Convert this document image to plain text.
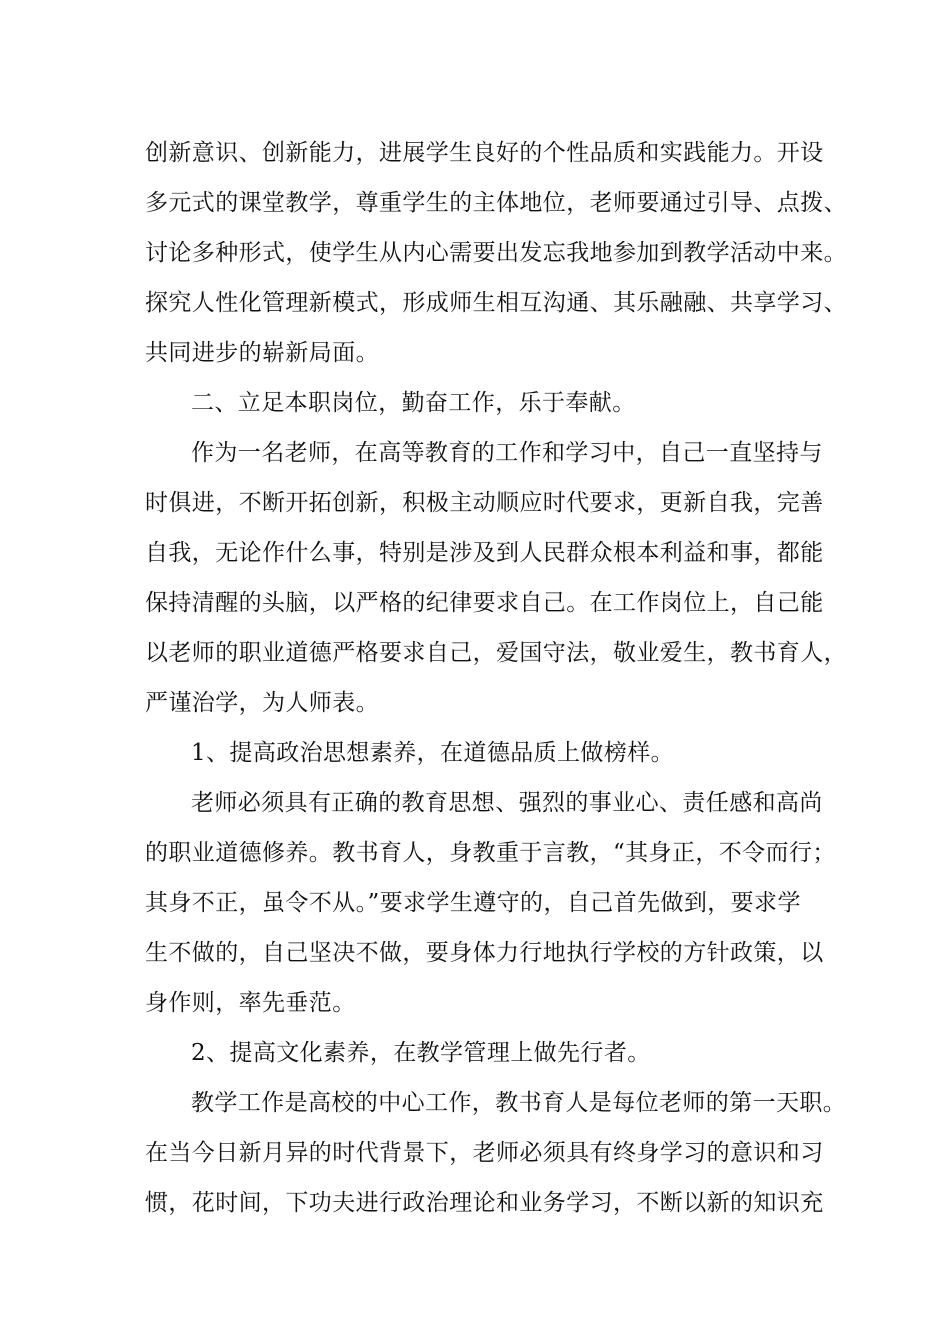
创新意识、创新能力，进展学生良好的个性品质和实践能力。开设
多元式的课堂教学，尊重学生的主体地位，老师要通过引导、点拨、
讨论多种形式，使学生从内心需要出发忘我地参加到教学活动中来。
探究人性化管理新模式，形成师生相互沟通、其乐融融、共享学习、
共同进步的崭新局面。
二、立足本职岗位，勤奋工作，乐于奉献。
作为一名老师，在高等教育的工作和学习中，自己一直坚持与
时俱进，不断开拓创新，积极主动顺应时代要求，更新自我，完善
自我，无论作什么事，特别是涉及到人民群众根本利益和事，都能
保持清醒的头脑，以严格的纪律要求自己。在工作岗位上，自己能
以老师的职业道德严格要求自己，爱国守法，敬业爱生，教书育人，
严谨治学，为人师表。
1、提高政治思想素养，在道德品质上做榜样。
老师必须具有正确的教育思想、强烈的事业心、责任感和高尚
的职业道德修养。教书育人，身教重于言教，“其身正，不令而行；
其身不正，虽令不从。”要求学生遵守的，自己首先做到，要求学
生不做的，自己坚决不做，要身体力行地执行学校的方针政策，以
身作则，率先垂范。
2、提高文化素养，在教学管理上做先行者。
教学工作是高校的中心工作，教书育人是每位老师的第一天职。
在当今日新月异的时代背景下，老师必须具有终身学习的意识和习
惯，花时间，下功夫进行政治理论和业务学习，不断以新的知识充
